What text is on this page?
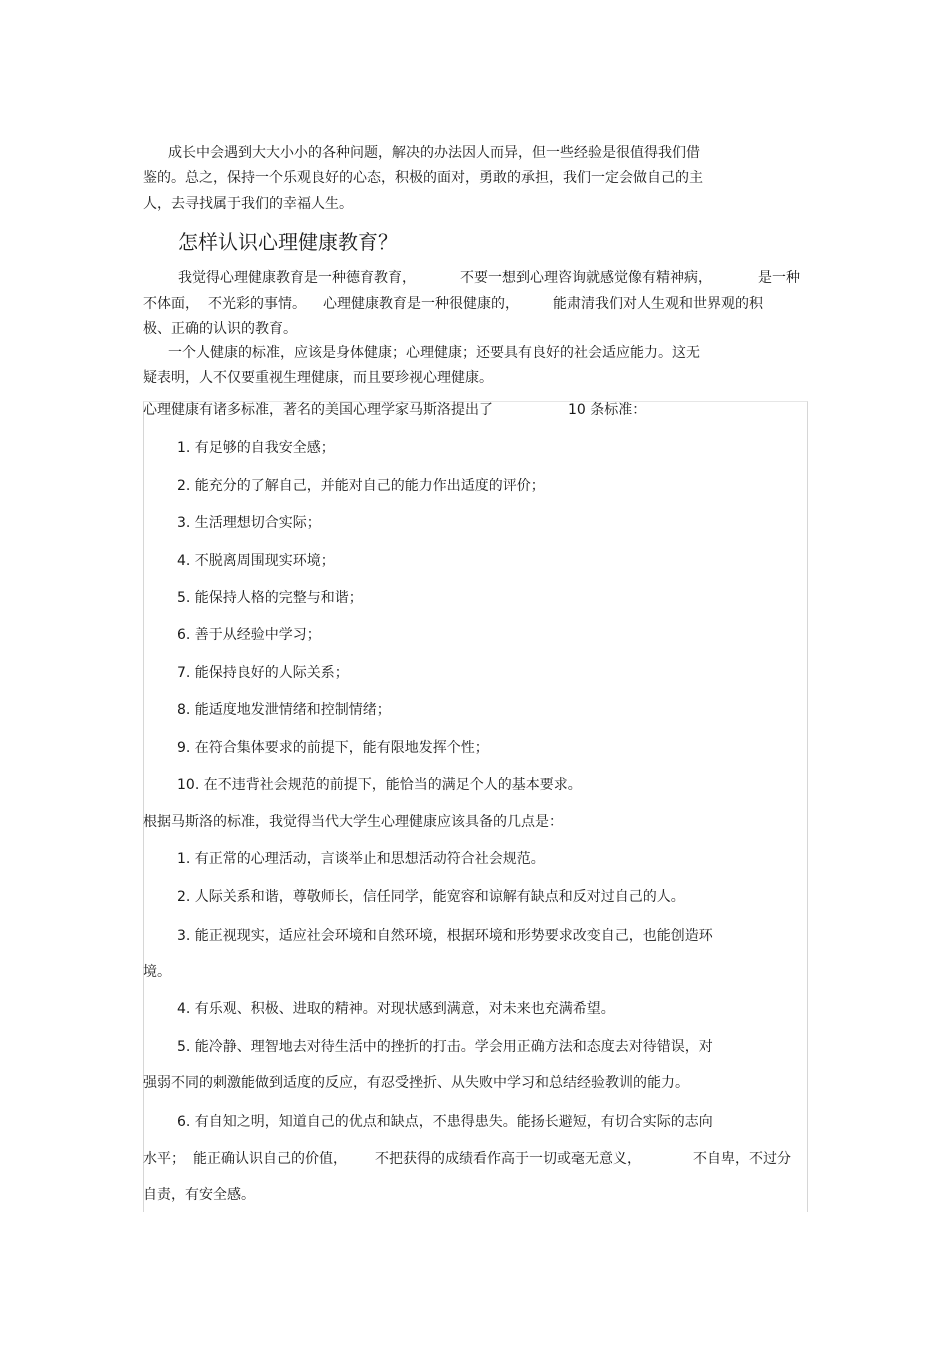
成长中会遇到大大小小的各种问题，解决的办法因人而异，但一些经验是很值得我们借
鉴的。总之，保持一个乐观良好的心态，积极的面对，勇敢的承担，我们一定会做自己的主
人，去寻找属于我们的幸福人生。
怎样认识心理健康教育？
我觉得心理健康教育是一种德育教育，	不要一想到心理咨询就感觉像有精神病，	是一种
不体面， 不光彩的事情。 心理健康教育是一种很健康的， 能肃清我们对人生观和世界观的积
极、正确的认识的教育。
一个人健康的标准，应该是身体健康；心理健康；还要具有良好的社会适应能力。这无
疑表明，人不仅要重视生理健康，而且要珍视心理健康。
心理健康有诸多标准，著名的美国心理学家马斯洛提出了	10 条标准：
1. 有足够的自我安全感；
2. 能充分的了解自己，并能对自己的能力作出适度的评价；
3. 生活理想切合实际；
4. 不脱离周围现实环境；
5. 能保持人格的完整与和谐；
6. 善于从经验中学习；
7. 能保持良好的人际关系；
8. 能适度地发泄情绪和控制情绪；
9. 在符合集体要求的前提下，能有限地发挥个性；
10. 在不违背社会规范的前提下，能恰当的满足个人的基本要求。
根据马斯洛的标准，我觉得当代大学生心理健康应该具备的几点是：
1. 有正常的心理活动，言谈举止和思想活动符合社会规范。
2. 人际关系和谐，尊敬师长，信任同学，能宽容和谅解有缺点和反对过自己的人。
3. 能正视现实，适应社会环境和自然环境，根据环境和形势要求改变自己，也能创造环
境。
4. 有乐观、积极、进取的精神。对现状感到满意，对未来也充满希望。
5. 能冷静、理智地去对待生活中的挫折的打击。学会用正确方法和态度去对待错误，对
强弱不同的刺激能做到适度的反应，有忍受挫折、从失败中学习和总结经验教训的能力。
6. 有自知之明，知道自己的优点和缺点，不患得患失。能扬长避短，有切合实际的志向
水平； 能正确认识自己的价值， 不把获得的成绩看作高于一切或毫无意义，	不自卑，不过分
自责，有安全感。
